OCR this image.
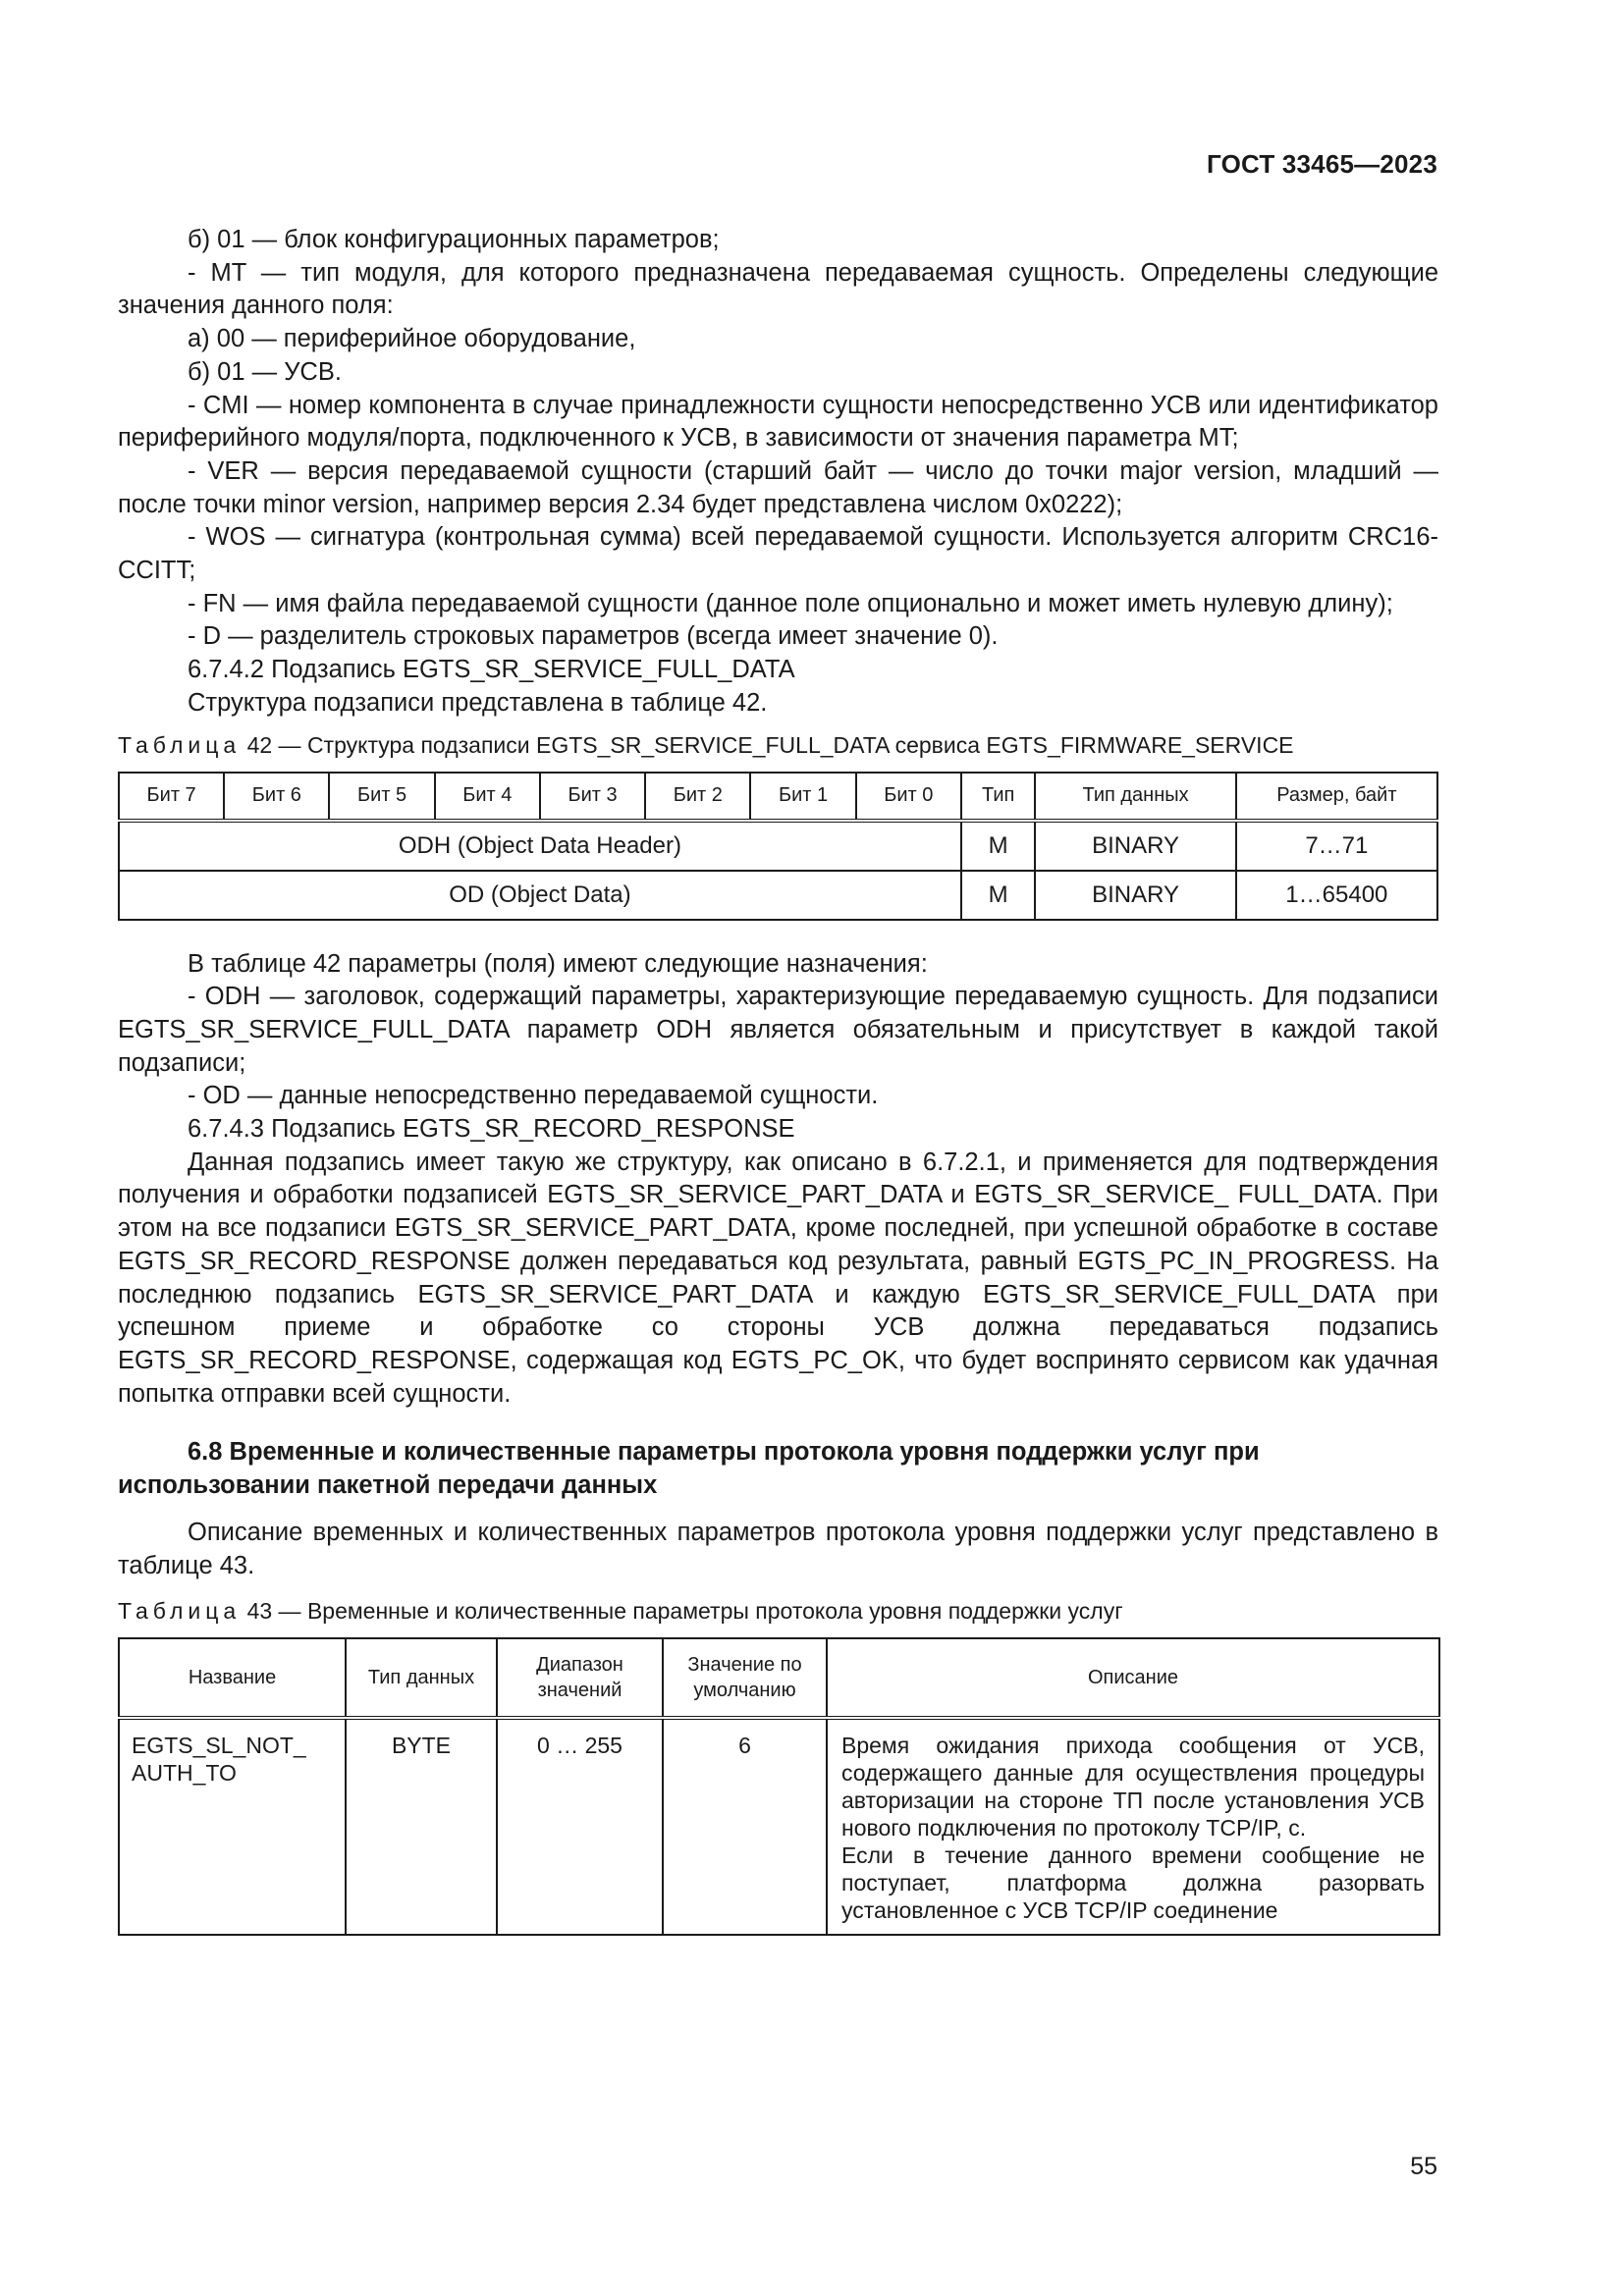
ГОСТ 33465—2023

б) 01 — блок конфигурационных параметров;

- MT — тип модуля, для которого предназначена передаваемая сущность. Определены следующие значения данного поля:

а) 00 — периферийное оборудование,

б) 01 — УСВ.

- CMI — номер компонента в случае принадлежности сущности непосредственно УСВ или идентификатор периферийного модуля/порта, подключенного к УСВ, в зависимости от значения параметра MT;

- VER — версия передаваемой сущности (старший байт — число до точки major version, младший — после точки minor version, например версия 2.34 будет представлена числом 0x0222);

- WOS — сигнатура (контрольная сумма) всей передаваемой сущности. Используется алгоритм CRC16-CCITT;

- FN — имя файла передаваемой сущности (данное поле опционально и может иметь нулевую длину);

- D — разделитель строковых параметров (всегда имеет значение 0).

6.7.4.2 Подзапись EGTS_SR_SERVICE_FULL_DATA

Структура подзаписи представлена в таблице 42.

Таблица 42 — Структура подзаписи EGTS_SR_SERVICE_FULL_DATA сервиса EGTS_FIRMWARE_SERVICE

Бит 7	Бит 6	Бит 5	Бит 4	Бит 3	Бит 2	Бит 1	Бит 0	Тип	Тип данных	Размер, байт
ODH (Object Data Header)								M	BINARY	7…71
OD (Object Data)								M	BINARY	1…65400

В таблице 42 параметры (поля) имеют следующие назначения:

- ODH — заголовок, содержащий параметры, характеризующие передаваемую сущность. Для подзаписи EGTS_SR_SERVICE_FULL_DATA параметр ODH является обязательным и присутствует в каждой такой подзаписи;

- OD — данные непосредственно передаваемой сущности.

6.7.4.3 Подзапись EGTS_SR_RECORD_RESPONSE

Данная подзапись имеет такую же структуру, как описано в 6.7.2.1, и применяется для подтверждения получения и обработки подзаписей EGTS_SR_SERVICE_PART_DATA и EGTS_SR_SERVICE_ FULL_DATA. При этом на все подзаписи EGTS_SR_SERVICE_PART_DATA, кроме последней, при успешной обработке в составе EGTS_SR_RECORD_RESPONSE должен передаваться код результата, равный EGTS_PC_IN_PROGRESS. На последнюю подзапись EGTS_SR_SERVICE_PART_DATA и каждую EGTS_SR_SERVICE_FULL_DATA при успешном приеме и обработке со стороны УСВ должна передаваться подзапись EGTS_SR_RECORD_RESPONSE, содержащая код EGTS_PC_OK, что будет воспринято сервисом как удачная попытка отправки всей сущности.

6.8 Временные и количественные параметры протокола уровня поддержки услуг при использовании пакетной передачи данных

Описание временных и количественных параметров протокола уровня поддержки услуг представлено в таблице 43.

Таблица 43 — Временные и количественные параметры протокола уровня поддержки услуг

Название	Тип данных	Диапазон значений	Значение по умолчанию	Описание
EGTS_SL_NOT_ AUTH_TO	BYTE	0 … 255	6	Время ожидания прихода сообщения от УСВ, содержащего данные для осуществления процедуры авторизации на стороне ТП после установления УСВ нового подключения по протоколу TCP/IP, с.
Если в течение данного времени сообщение не поступает, платформа должна разорвать установленное с УСВ TCP/IP соединение
55
